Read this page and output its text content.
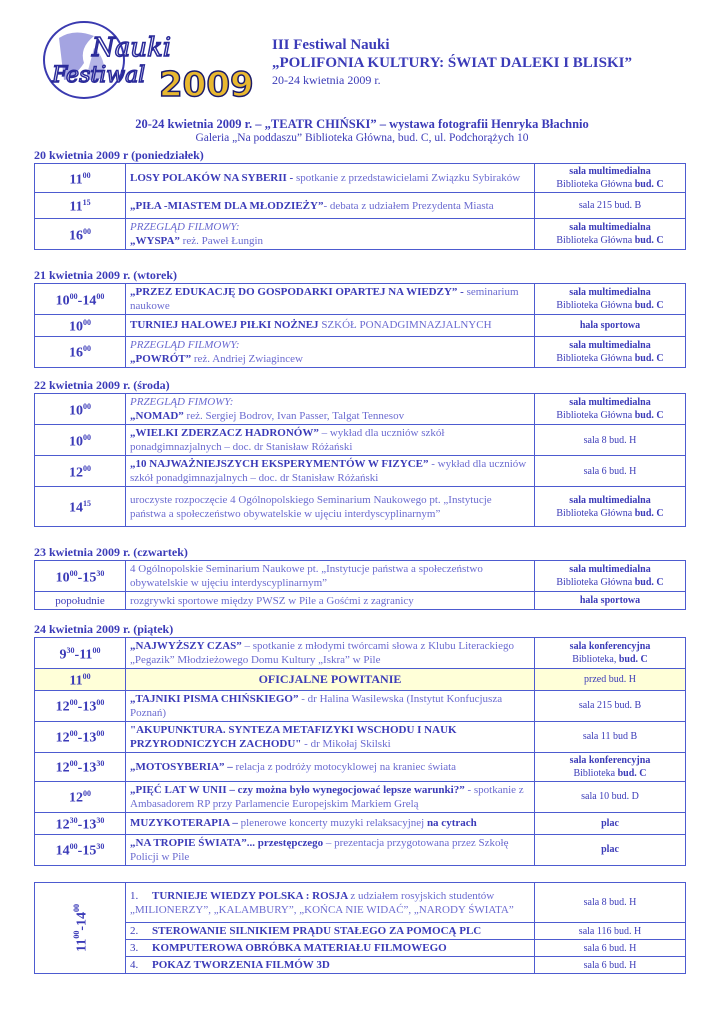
Nauki
Festiwal 2009
III Festiwal Nauki
„POLIFONIA KULTURY: ŚWIAT DALEKI I BLISKI”
20-24 kwietnia 2009 r.
20-24 kwietnia 2009 r. – „TEATR CHIŃSKI” – wystawa fotografii Henryka Błachnio
Galeria „Na poddaszu” Biblioteka Główna, bud. C, ul. Podchorążych 10
20 kwietnia 2009 r (poniedziałek)
$11^{00}$	LOSY POLAKÓW NA SYBERII - spotkanie z przedstawicielami Związku Sybiraków	sala multimedialna
Biblioteka Główna bud. C

$11^{15}$	„PIŁA -MIASTEM DLA MŁODZIEŻY”- debata z udziałem Prezydenta Miasta	sala 215 bud. B

$16^{00}$	PRZEGLĄD FILMOWY:
„WYSPA” reż. Paweł Łungin	sala multimedialna
Biblioteka Główna bud. C
21 kwietnia 2009 r. (wtorek)
$10^{00}-14^{00}$	„PRZEZ EDUKACJĘ DO GOSPODARKI OPARTEJ NA WIEDZY” - seminarium naukowe	sala multimedialna
Biblioteka Główna bud. C

$10^{00}$	TURNIEJ HALOWEJ PIŁKI NOŻNEJ SZKÓŁ PONADGIMNAZJALNYCH	hala sportowa

$16^{00}$	PRZEGLĄD FILMOWY:
„POWRÓT” reż. Andriej Zwiagincew	sala multimedialna
Biblioteka Główna bud. C
22 kwietnia 2009 r. (środa)
$10^{00}$	PRZEGLĄD FIMOWY:
„NOMAD” reż. Sergiej Bodrov, Ivan Passer, Talgat Tennesov	sala multimedialna
Biblioteka Główna bud. C

$10^{00}$	„WIELKI ZDERZACZ HADRONÓW” – wykład dla uczniów szkół ponadgimnazjalnych – doc. dr Stanisław Różański	sala 8 bud. H

$12^{00}$	„10 NAJWAŻNIEJSZYCH EKSPERYMENTÓW W FIZYCE” - wykład dla uczniów szkół ponadgimnazjalnych – doc. dr Stanisław Różański	sala 6 bud. H

$14^{15}$	uroczyste rozpoczęcie 4 Ogólnopolskiego Seminarium Naukowego pt. „Instytucje państwa a społeczeństwo obywatelskie w ujęciu interdyscyplinarnym”	sala multimedialna
Biblioteka Główna bud. C
23 kwietnia 2009 r. (czwartek)
$10^{00}-15^{30}$	4 Ogólnopolskie Seminarium Naukowe pt. „Instytucje państwa a społeczeństwo obywatelskie w ujęciu interdyscyplinarnym”	sala multimedialna
Biblioteka Główna bud. C

popołudnie	rozgrywki sportowe między PWSZ w Pile a Gośćmi z zagranicy	hala sportowa
24 kwietnia 2009 r. (piątek)
$9^{30}-11^{00}$	„NAJWYŻSZY CZAS” – spotkanie z młodymi twórcami słowa z Klubu Literackiego „Pegazik” Młodzieżowego Domu Kultury „Iskra” w Pile	sala konferencyjna
Biblioteka, bud. C

$11^{00}$	OFICJALNE POWITANIE	przed bud. H

$12^{00}-13^{00}$	„TAJNIKI PISMA CHIŃSKIEGO” - dr Halina Wasilewska (Instytut Konfucjusza Poznań)	sala 215 bud. B

$12^{00}-13^{00}$	"AKUPUNKTURA. SYNTEZA METAFIZYKI WSCHODU I NAUK PRZYRODNICZYCH ZACHODU" - dr Mikołaj Skilski	sala 11 bud B

$12^{00}-13^{30}$	„MOTOSYBERIA” – relacja z podróży motocyklowej na kraniec świata	sala konferencyjna
Biblioteka bud. C

$12^{00}$	„PIĘĆ LAT W UNII – czy można było wynegocjować lepsze warunki?” - spotkanie z Ambasadorem RP przy Parlamencie Europejskim Markiem Grelą	sala 10 bud. D

$12^{30}-13^{30}$	MUZYKOTERAPIA – plenerowe koncerty muzyki relaksacyjnej na cytrach	plac

$14^{00}-15^{30}$	„NA TROPIE ŚWIATA”... przestępczego – prezentacja przygotowana przez Szkołę Policji w Pile	plac
$11^{00}-14^{00}$	1. TURNIEJE WIEDZY POLSKA : ROSJA z udziałem rosyjskich studentów „MILIONERZY”, „KALAMBURY”, „KOŃCA NIE WIDAĆ”, „NARODY ŚWIATA”	sala 8 bud. H
	2. STEROWANIE SILNIKIEM PRĄDU STAŁEGO ZA POMOCĄ PLC	sala 116 bud. H
	3. KOMPUTEROWA OBRÓBKA MATERIAŁU FILMOWEGO	sala 6 bud. H
	4. POKAZ TWORZENIA FILMÓW 3D	sala 6 bud. H
